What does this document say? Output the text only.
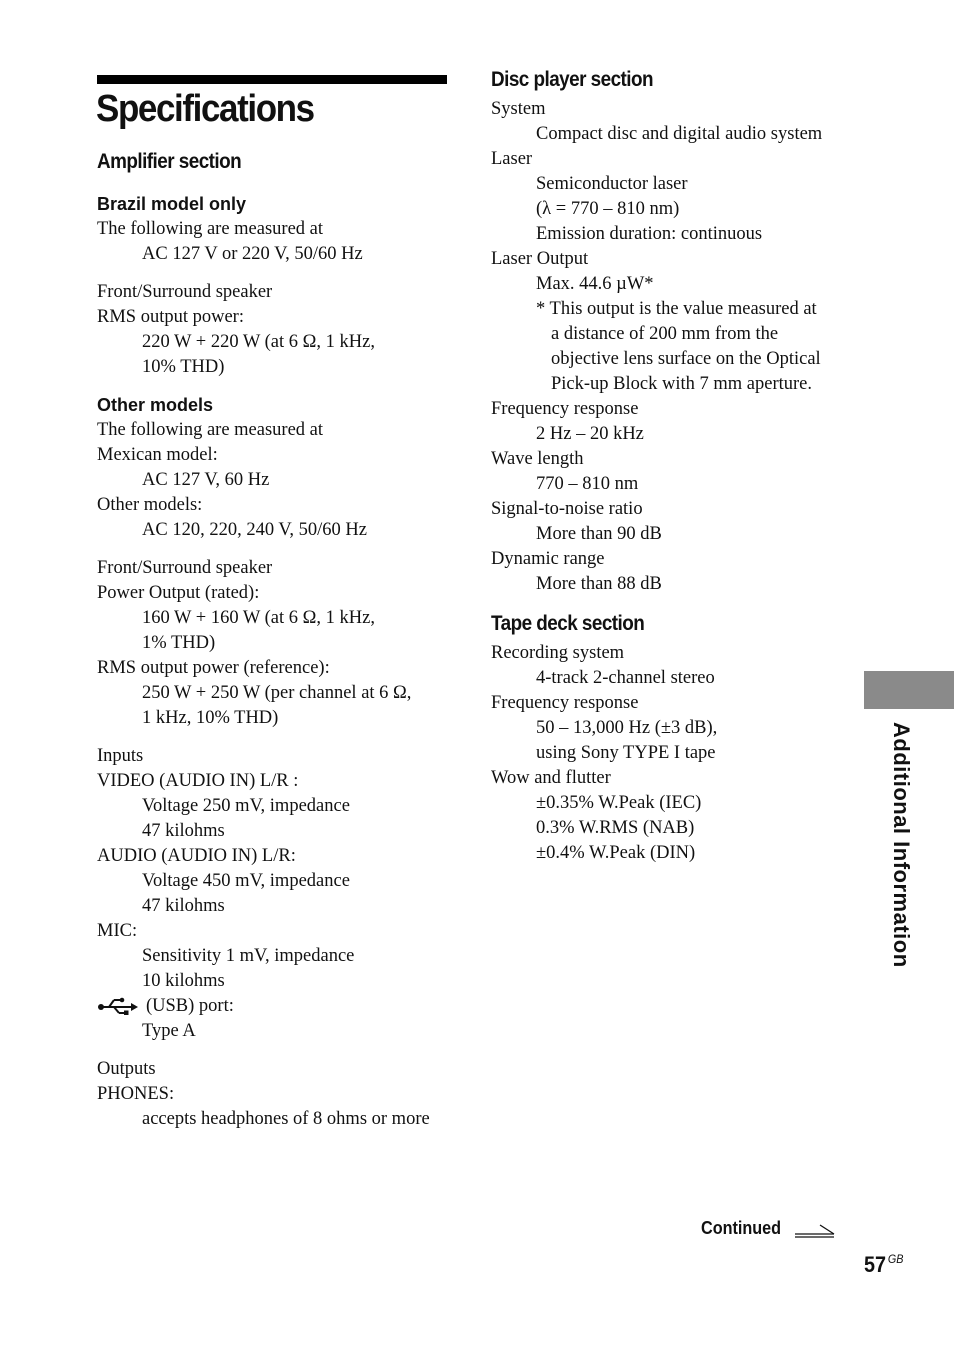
Specifications
Amplifier section
Brazil model only

The following are measured at

AC 127 V or 220 V, 50/60 Hz

Front/Surround speaker

RMS output power:

220 W + 220 W (at 6 Ω, 1 kHz,

10% THD)

Other models

The following are measured at

Mexican model:

AC 127 V, 60 Hz

Other models:

AC 120, 220, 240 V, 50/60 Hz

Front/Surround speaker

Power Output (rated):

160 W + 160 W (at 6 Ω, 1 kHz,

1% THD)

RMS output power (reference):

250 W + 250 W (per channel at 6 Ω,

1 kHz, 10% THD)

Inputs

VIDEO (AUDIO IN) L/R :

Voltage 250 mV, impedance

47 kilohms

AUDIO (AUDIO IN) L/R:

Voltage 450 mV, impedance

47 kilohms

MIC:

Sensitivity 1 mV, impedance

10 kilohms

(USB) port:

Type A

Outputs

PHONES:

accepts headphones of 8 ohms or more

Disc player section

System

Compact disc and digital audio system

Laser

Semiconductor laser

(λ = 770 – 810 nm)

Emission duration: continuous

Laser Output

Max. 44.6 µW*

* This output is the value measured at

a distance of 200 mm from the

objective lens surface on the Optical

Pick-up Block with 7 mm aperture.

Frequency response

2 Hz – 20 kHz

Wave length

770 – 810 nm

Signal-to-noise ratio

More than 90 dB

Dynamic range

More than 88 dB

Tape deck section

Recording system

4-track 2-channel stereo

Frequency response

50 – 13,000 Hz (±3 dB),

using Sony TYPE I tape

Wow and flutter

±0.35% W.Peak (IEC)

0.3% W.RMS (NAB)

±0.4% W.Peak (DIN)	Additional Information
Continued
57 $^{GB}$
